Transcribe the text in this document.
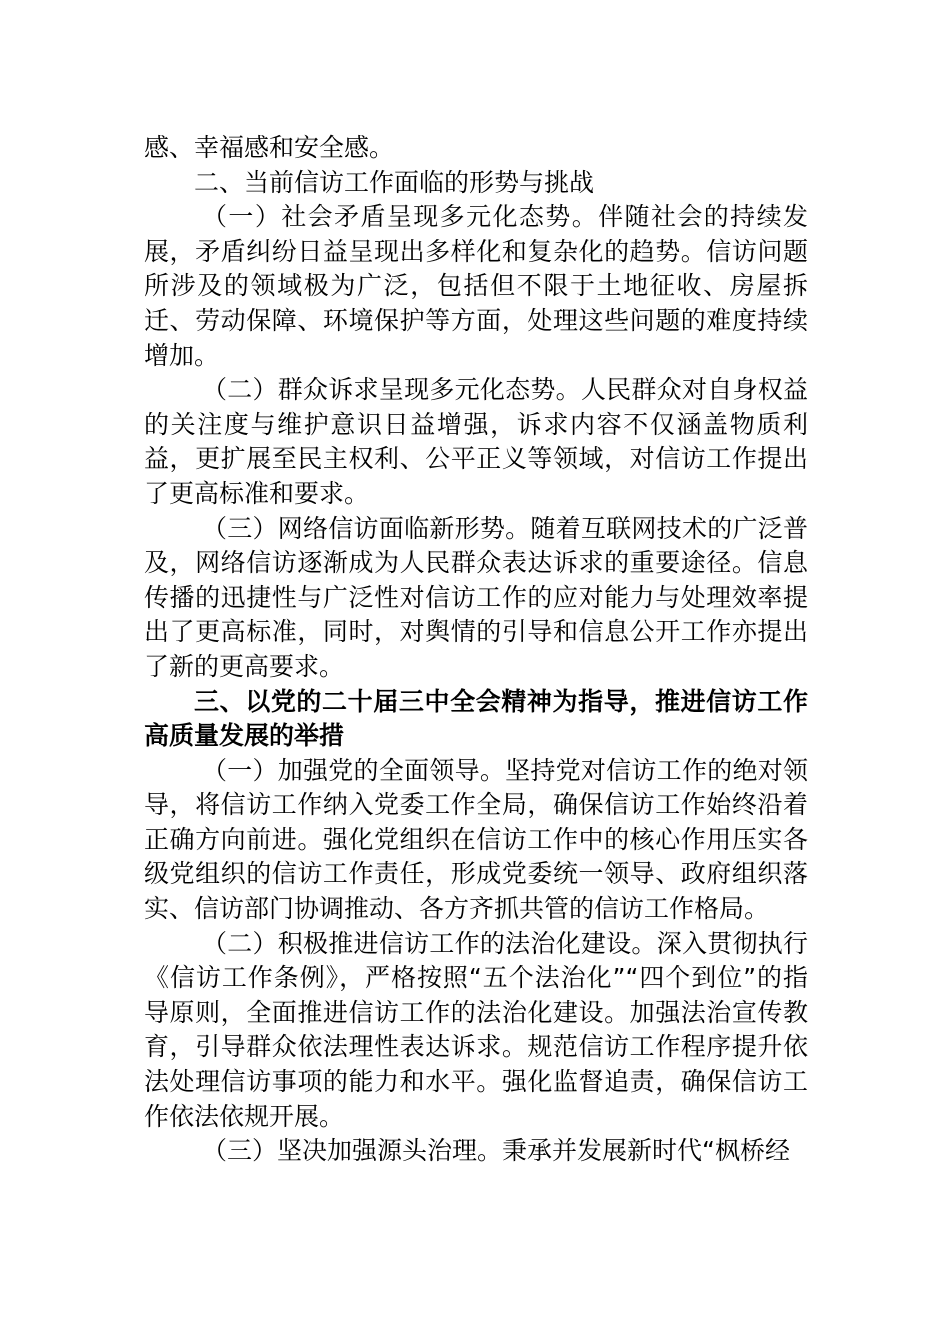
感、幸福感和安全感。

二、当前信访工作面临的形势与挑战

（一）社会矛盾呈现多元化态势。伴随社会的持续发展，矛盾纠纷日益呈现出多样化和复杂化的趋势。信访问题所涉及的领域极为广泛，包括但不限于土地征收、房屋拆迁、劳动保障、环境保护等方面，处理这些问题的难度持续增加。

（二）群众诉求呈现多元化态势。人民群众对自身权益的关注度与维护意识日益增强，诉求内容不仅涵盖物质利益，更扩展至民主权利、公平正义等领域，对信访工作提出了更高标准和要求。

（三）网络信访面临新形势。随着互联网技术的广泛普及，网络信访逐渐成为人民群众表达诉求的重要途径。信息传播的迅捷性与广泛性对信访工作的应对能力与处理效率提出了更高标准，同时，对舆情的引导和信息公开工作亦提出了新的更高要求。

三、以党的二十届三中全会精神为指导，推进信访工作高质量发展的举措

（一）加强党的全面领导。坚持党对信访工作的绝对领导，将信访工作纳入党委工作全局，确保信访工作始终沿着正确方向前进。强化党组织在信访工作中的核心作用压实各级党组织的信访工作责任，形成党委统一领导、政府组织落实、信访部门协调推动、各方齐抓共管的信访工作格局。

（二）积极推进信访工作的法治化建设。深入贯彻执行《信访工作条例》，严格按照“五个法治化”“四个到位”的指导原则，全面推进信访工作的法治化建设。加强法治宣传教育，引导群众依法理性表达诉求。规范信访工作程序提升依法处理信访事项的能力和水平。强化监督追责，确保信访工作依法依规开展。

（三）坚决加强源头治理。秉承并发展新时代“枫桥经
